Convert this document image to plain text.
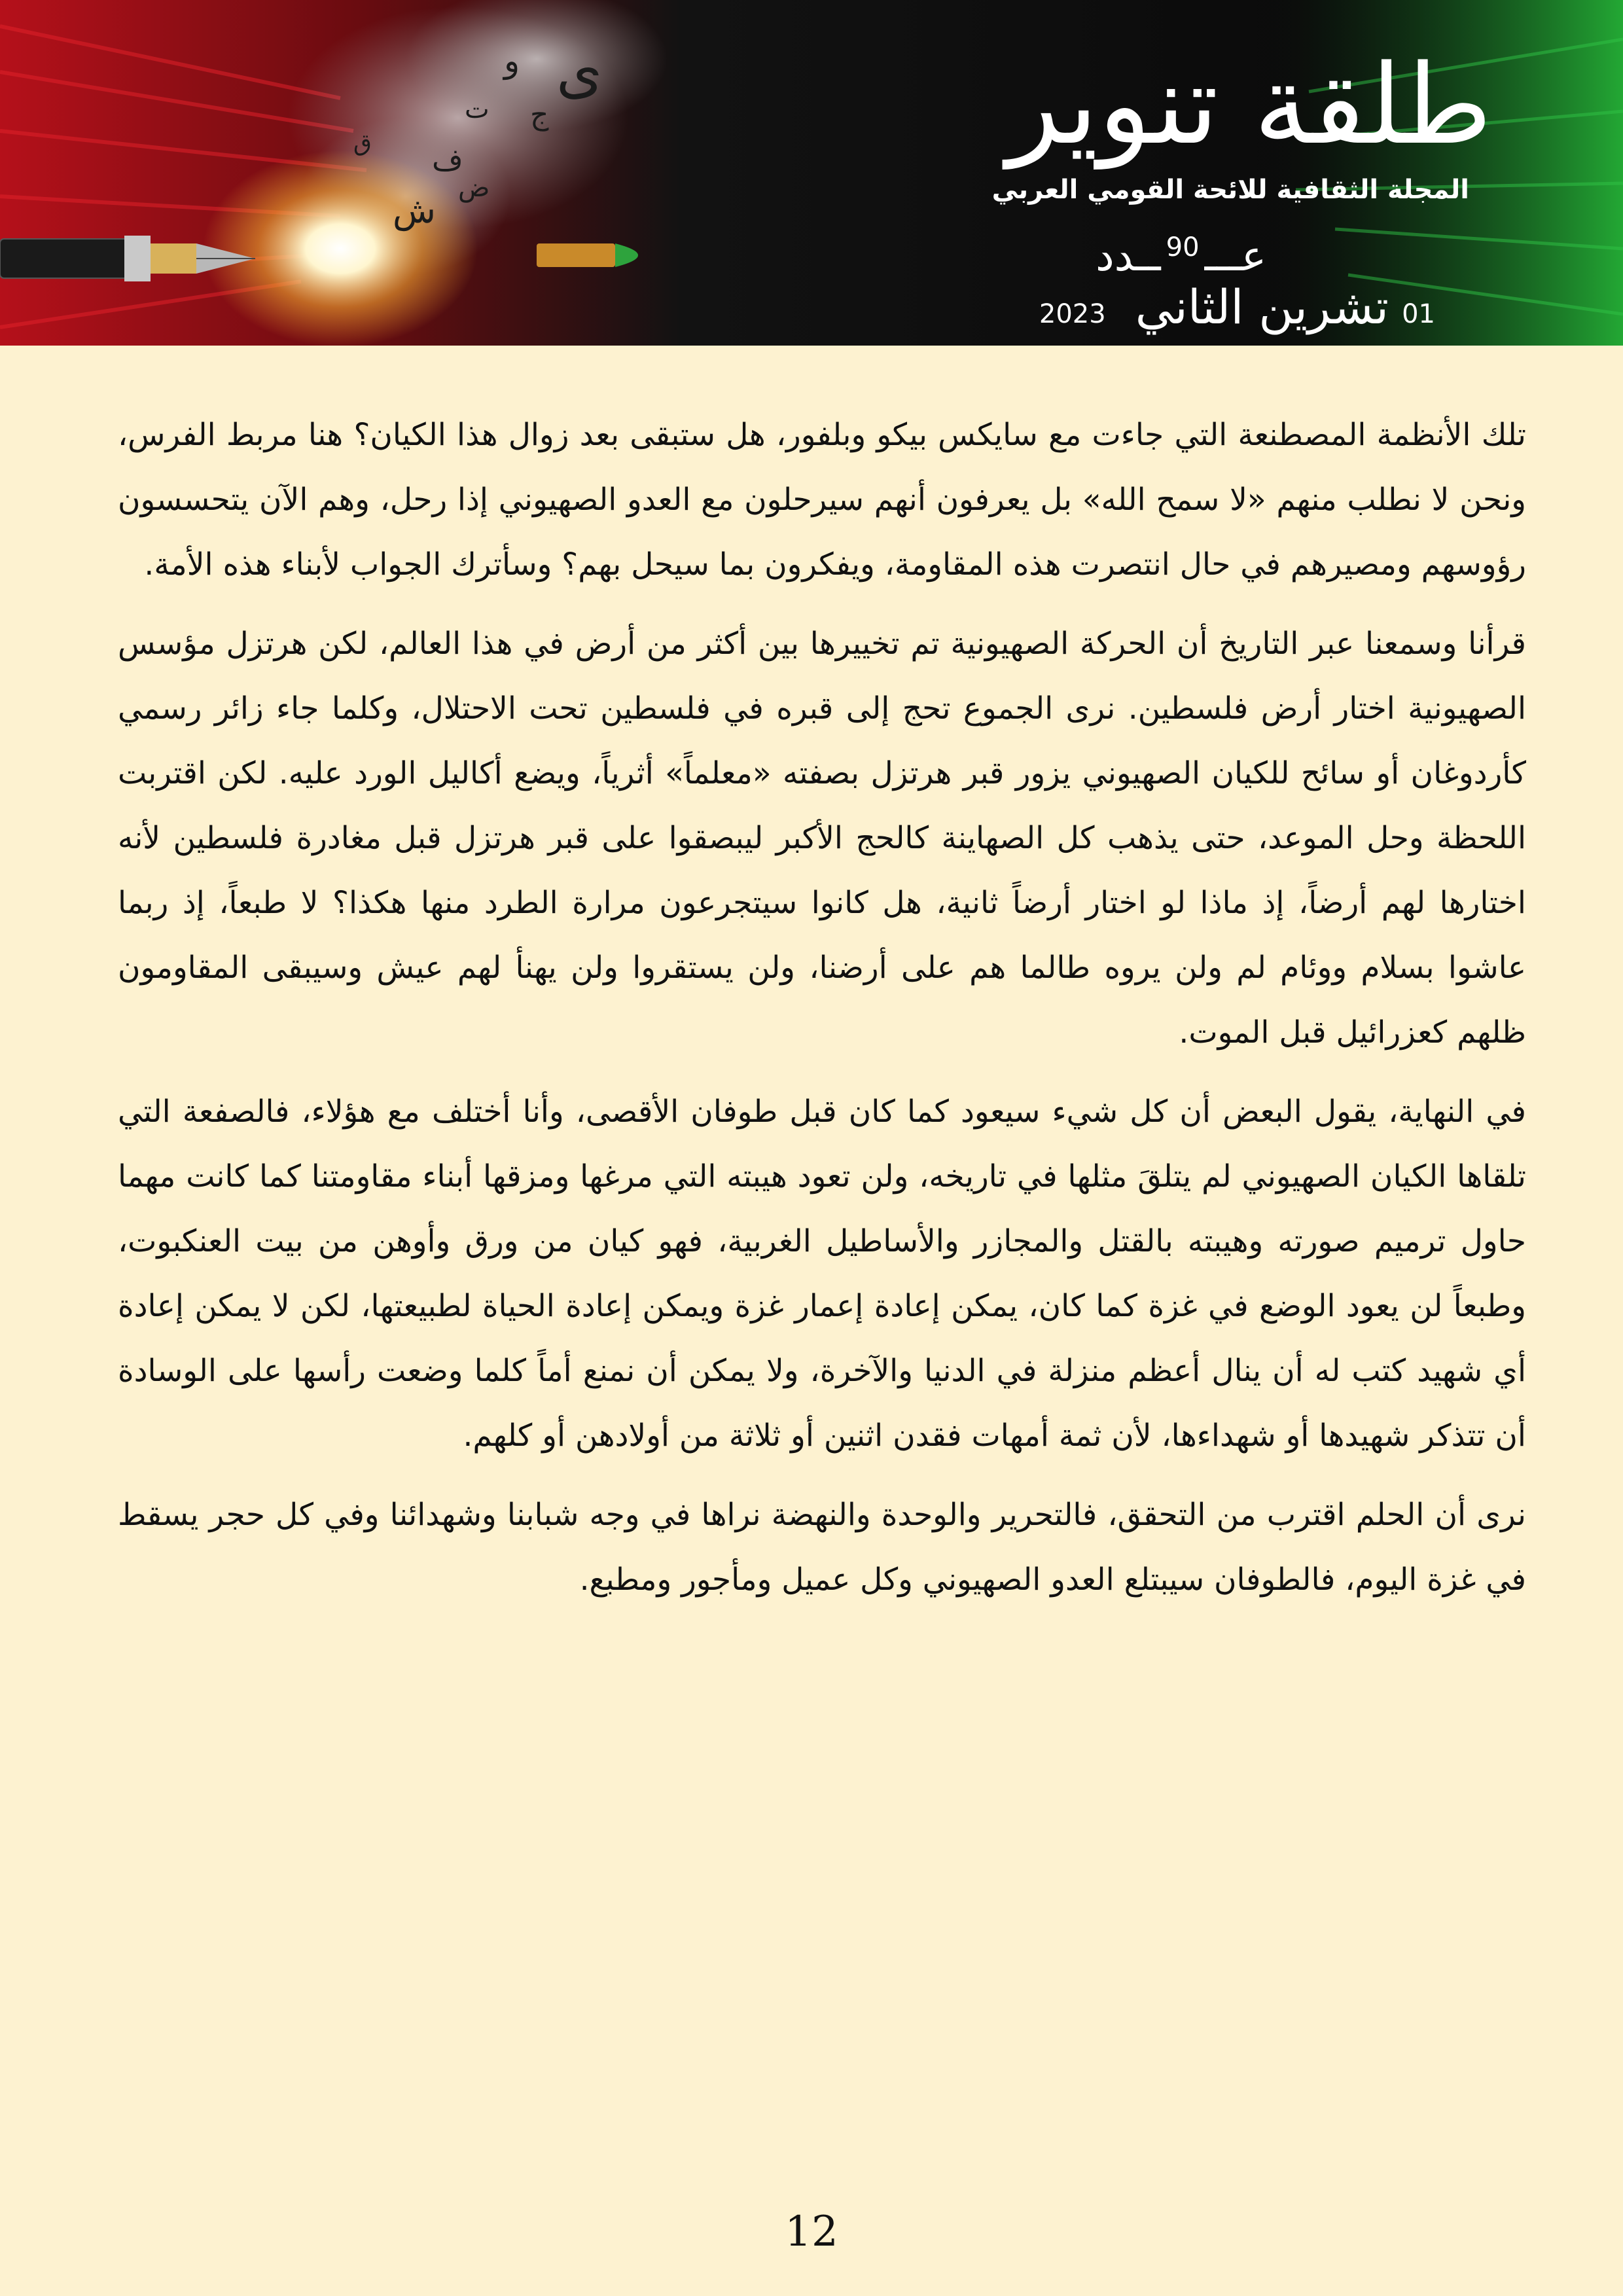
ى
و
ج
ت
ف
ش
ض
ق	طلقة تنوير
المجلة الثقافية للائحة القومي العربي
عـــ
90
ــدد
01
تشرين الثاني
2023

تلك الأنظمة المصطنعة التي جاءت مع سايكس بيكو وبلفور، هل ستبقى بعد زوال هذا الكيان؟ هنا مربط الفرس، ونحن لا نطلب منهم «لا سمح الله» بل يعرفون أنهم سيرحلون مع العدو الصهيوني إذا رحل، وهم الآن يتحسسون رؤوسهم ومصيرهم في حال انتصرت هذه المقاومة، ويفكرون بما سيحل بهم؟ وسأترك الجواب لأبناء هذه الأمة.

قرأنا وسمعنا عبر التاريخ أن الحركة الصهيونية تم تخييرها بين أكثر من أرض في هذا العالم، لكن هرتزل مؤسس الصهيونية اختار أرض فلسطين. نرى الجموع تحج إلى قبره في فلسطين تحت الاحتلال، وكلما جاء زائر رسمي كأردوغان أو سائح للكيان الصهيوني يزور قبر هرتزل بصفته «معلماً» أثرياً، ويضع أكاليل الورد عليه. لكن اقتربت اللحظة وحل الموعد، حتى يذهب كل الصهاينة كالحج الأكبر ليبصقوا على قبر هرتزل قبل مغادرة فلسطين لأنه اختارها لهم أرضاً، إذ ماذا لو اختار أرضاً ثانية، هل كانوا سيتجرعون مرارة الطرد منها هكذا؟ لا طبعاً، إذ ربما عاشوا بسلام ووئام لم ولن يروه طالما هم على أرضنا، ولن يستقروا ولن يهنأ لهم عيش وسيبقى المقاومون ظلهم كعزرائيل قبل الموت.

في النهاية، يقول البعض أن كل شيء سيعود كما كان قبل طوفان الأقصى، وأنا أختلف مع هؤلاء، فالصفعة التي تلقاها الكيان الصهيوني لم يتلقَ مثلها في تاريخه، ولن تعود هيبته التي مرغها ومزقها أبناء مقاومتنا كما كانت مهما حاول ترميم صورته وهيبته بالقتل والمجازر والأساطيل الغربية، فهو كيان من ورق وأوهن من بيت العنكبوت، وطبعاً لن يعود الوضع في غزة كما كان، يمكن إعادة إعمار غزة ويمكن إعادة الحياة لطبيعتها، لكن لا يمكن إعادة أي شهيد كتب له أن ينال أعظم منزلة في الدنيا والآخرة، ولا يمكن أن نمنع أماً كلما وضعت رأسها على الوسادة أن تتذكر شهيدها أو شهداءها، لأن ثمة أمهات فقدن اثنين أو ثلاثة من أولادهن أو كلهم.

نرى أن الحلم اقترب من التحقق، فالتحرير والوحدة والنهضة نراها في وجه شبابنا وشهدائنا وفي كل حجر يسقط في غزة اليوم، فالطوفان سيبتلع العدو الصهيوني وكل عميل ومأجور ومطبع.

12
